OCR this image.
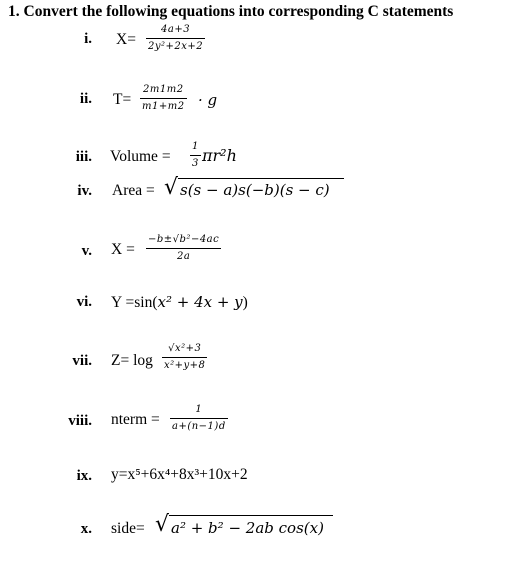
1. Convert the following equations into corresponding C statements
i. X=
4a+3
2y²+2x+2
ii. T=
2m1m2
m1+m2 · g
iii. Volume =
1
3 πr²h
iv. Area = √ s(s − a)s(−b)(s − c)
v. X =
−b±√b²−4ac
2a
vi. Y =sin(x² + 4x + y)
vii. Z= log
√x²+3
x²+y+8
viii. nterm =
1
a+(n−1)d
ix. y=x⁵+6x⁴+8x³+10x+2
x. side= √ a² + b² − 2ab cos(x)
